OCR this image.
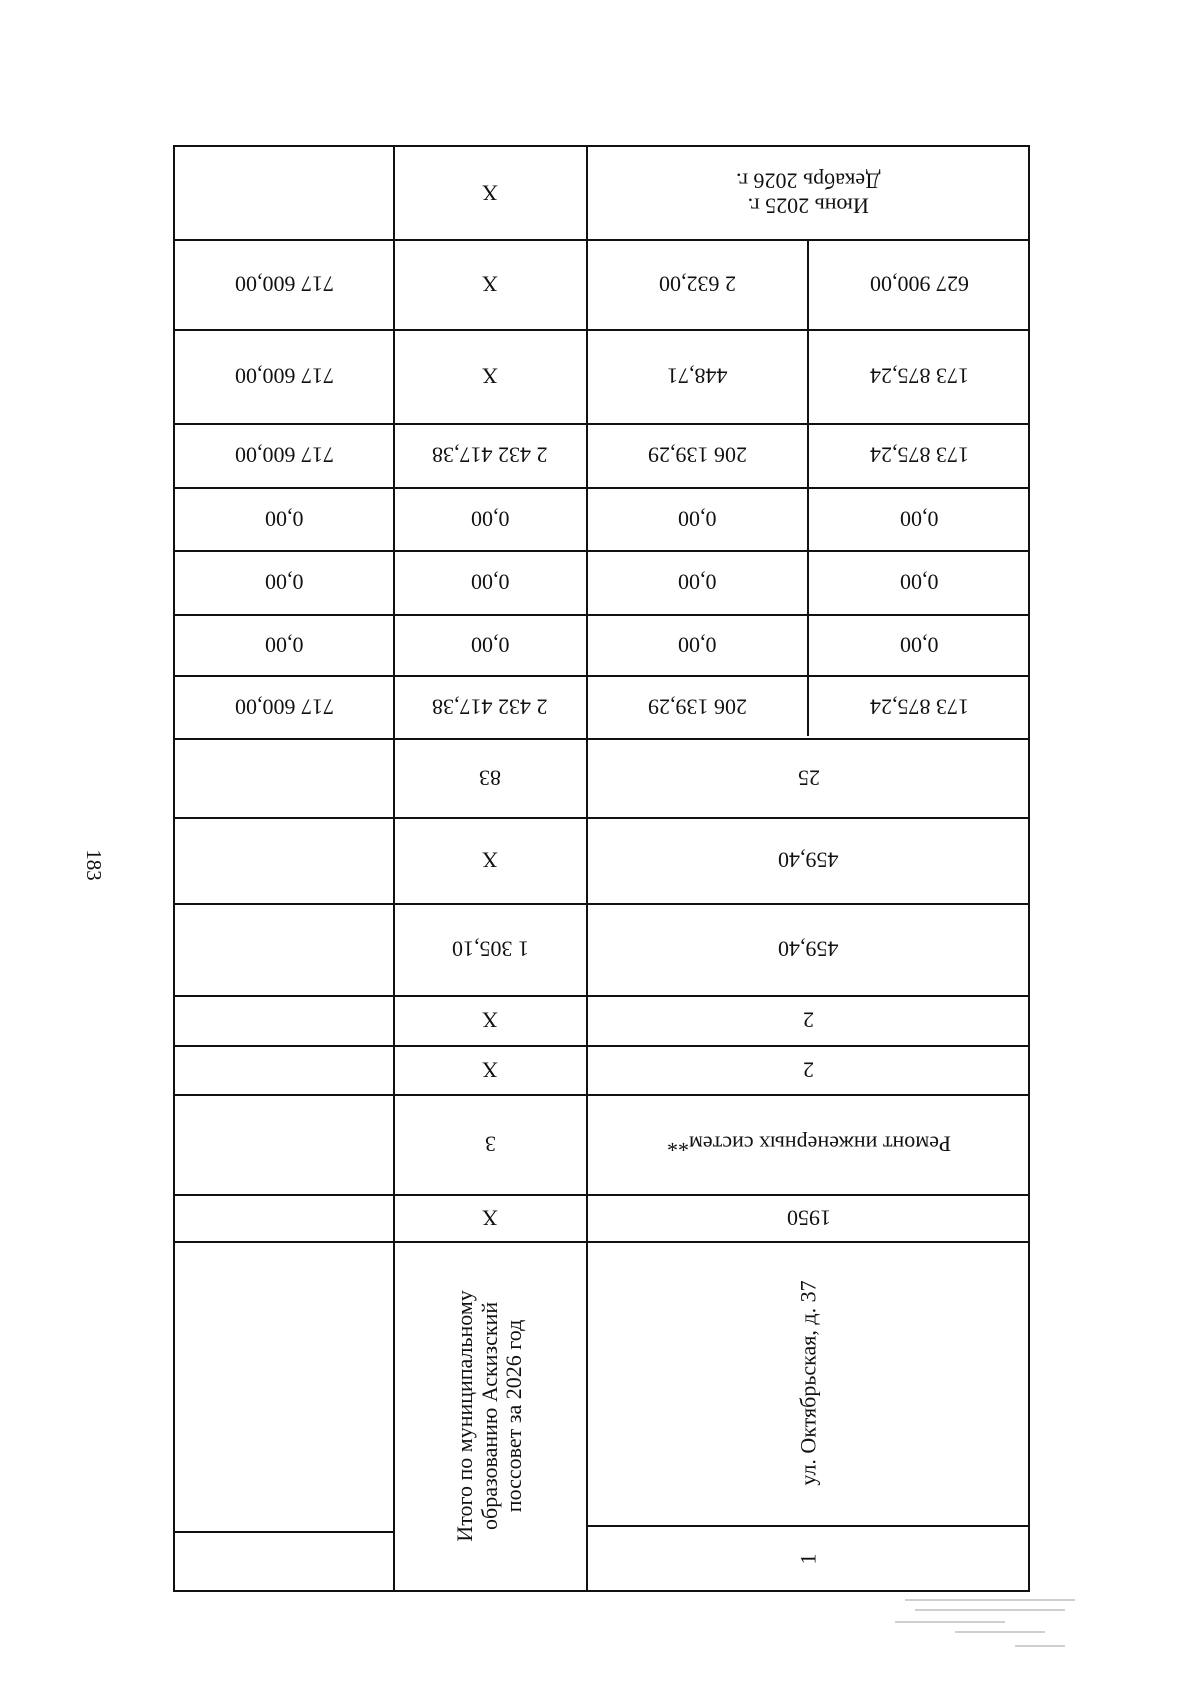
183
Июнь 2025 г.
Декабрь 2026 г.
X
627 900,00
2 632,00
X
717 600,00
173 875,24
448,71
X
717 600,00
173 875,24
206 139,29
2 432 417,38
717 600,00
0,00
0,00
0,00
0,00
0,00
0,00
0,00
0,00
0,00
0,00
0,00
0,00
173 875,24
206 139,29
2 432 417,38
717 600,00
25
83
459,40
X
459,40
1 305,10
2
X
2
X
Ремонт инженерных систем**
3
1950
X
ул. Октябрьская, д. 37
Итого по муниципальному образованию Аскизский поссовет за 2026 год
1
